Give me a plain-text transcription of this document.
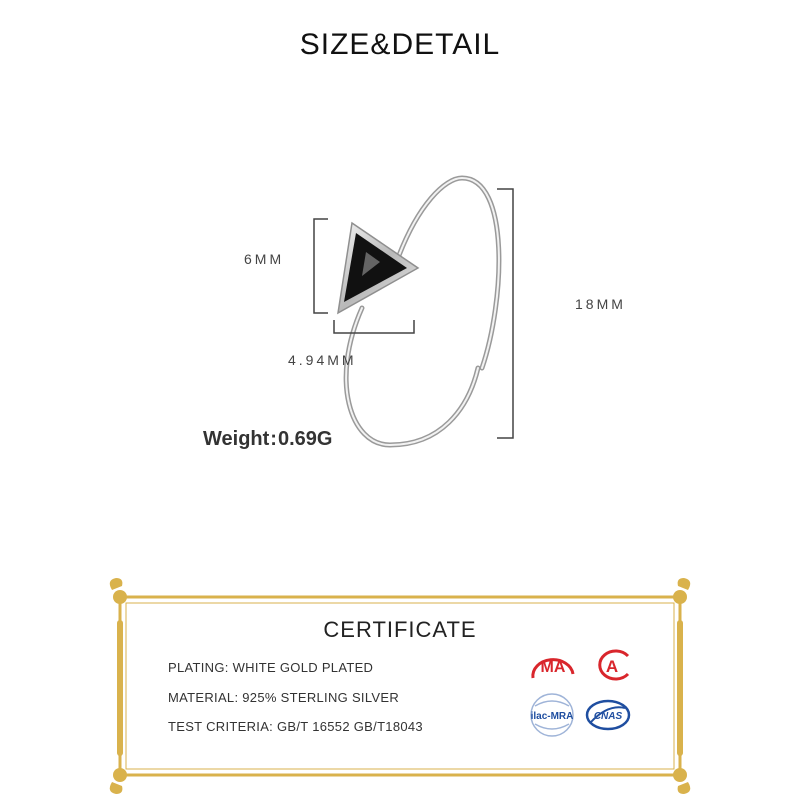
SIZE&DETAIL
6MM
4.94MM
18MM
Weight:0.69G
CERTIFICATE
PLATING: WHITE GOLD PLATED
MATERIAL: 925% STERLING SILVER
TEST CRITERIA: GB/T 16552 GB/T18043
MA A
ilac-MRA CNAS
